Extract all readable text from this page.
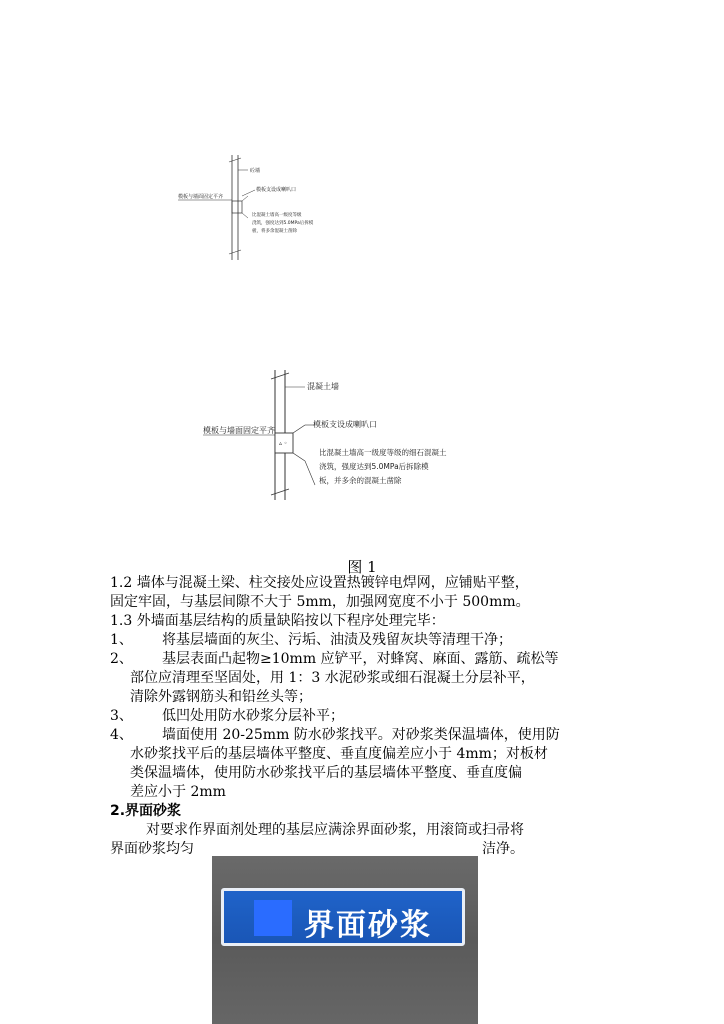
砼墙
模板与墙面固定平齐
模板支设成喇叭口
比混凝土墙高一级度等级
浇筑，强度达到5.0MPa后拆模
板，将多余混凝土凿除
混凝土墙
▵ ◦
模板与墙面固定平齐
模板支设成喇叭口
比混凝土墙高一级度等级的细石混凝土
浇筑，强度达到5.0MPa后拆除模
板，并多余的混凝土凿除
图 1
1.2 墙体与混凝土梁、柱交接处应设置热镀锌电焊网，应铺贴平整，
固定牢固，与基层间隙不大于 5mm，加强网宽度不小于 500mm。
1.3 外墙面基层结构的质量缺陷按以下程序处理完毕：
1、	将基层墙面的灰尘、污垢、油渍及残留灰块等清理干净；
2、	基层表面凸起物≥10mm 应铲平，对蜂窝、麻面、露筋、疏松等
部位应清理至坚固处，用 1：3 水泥砂浆或细石混凝土分层补平，
清除外露钢筋头和铅丝头等；
3、	低凹处用防水砂浆分层补平；
4、	墙面使用 20-25mm 防水砂浆找平。对砂浆类保温墙体，使用防
水砂浆找平后的基层墙体平整度、垂直度偏差应小于 4mm；对板材
类保温墙体，使用防水砂浆找平后的基层墙体平整度、垂直度偏
差应小于 2mm
2.界面砂浆
对要求作界面剂处理的基层应满涂界面砂浆，用滚筒或扫帚将
界面砂浆均匀	洁净。
界面砂浆
